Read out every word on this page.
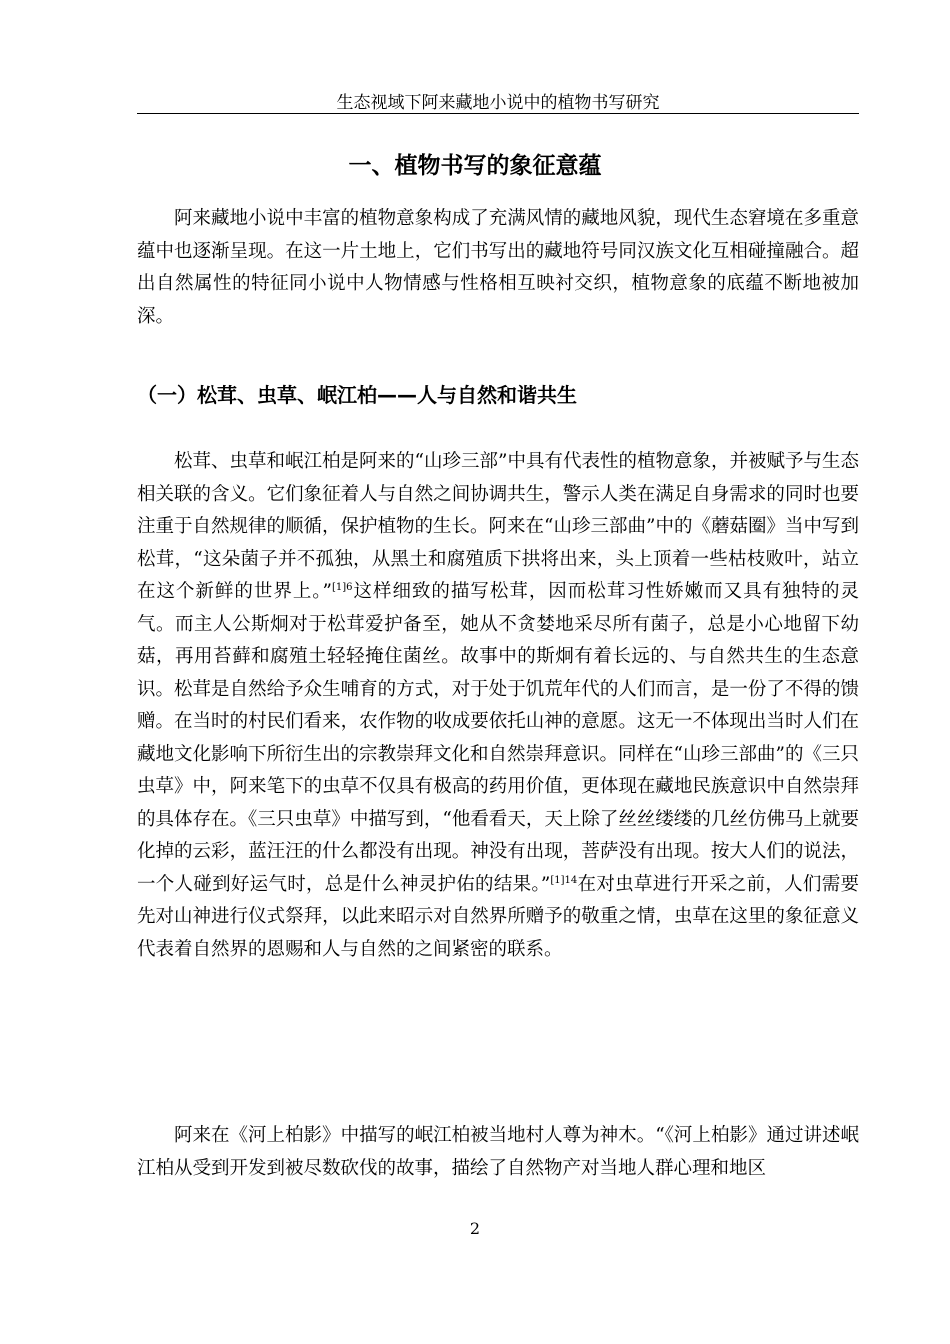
生态视域下阿来藏地小说中的植物书写研究
一、植物书写的象征意蕴

阿来藏地小说中丰富的植物意象构成了充满风情的藏地风貌，现代生态窘境在多重意蕴中也逐渐呈现。在这一片土地上，它们书写出的藏地符号同汉族文化互相碰撞融合。超出自然属性的特征同小说中人物情感与性格相互映衬交织，植物意象的底蕴不断地被加深。

（一）松茸、虫草、岷江柏——人与自然和谐共生

松茸、虫草和岷江柏是阿来的“山珍三部”中具有代表性的植物意象，并被赋予与生态相关联的含义。它们象征着人与自然之间协调共生，警示人类在满足自身需求的同时也要注重于自然规律的顺循，保护植物的生长。阿来在“山珍三部曲”中的《蘑菇圈》当中写到松茸，“这朵菌子并不孤独，从黑土和腐殖质下拱将出来，头上顶着一些枯枝败叶，站立在这个新鲜的世界上。”$^{[1]6}$这样细致的描写松茸，因而松茸习性娇嫩而又具有独特的灵气。而主人公斯炯对于松茸爱护备至，她从不贪婪地采尽所有菌子，总是小心地留下幼菇，再用苔藓和腐殖土轻轻掩住菌丝。故事中的斯炯有着长远的、与自然共生的生态意识。松茸是自然给予众生哺育的方式，对于处于饥荒年代的人们而言，是一份了不得的馈赠。在当时的村民们看来，农作物的收成要依托山神的意愿。这无一不体现出当时人们在藏地文化影响下所衍生出的宗教崇拜文化和自然崇拜意识。同样在“山珍三部曲”的《三只虫草》中，阿来笔下的虫草不仅具有极高的药用价值，更体现在藏地民族意识中自然崇拜的具体存在。《三只虫草》中描写到，“他看看天，天上除了丝丝缕缕的几丝仿佛马上就要化掉的云彩，蓝汪汪的什么都没有出现。神没有出现，菩萨没有出现。按大人们的说法，一个人碰到好运气时，总是什么神灵护佑的结果。”$^{[1]14}$在对虫草进行开采之前，人们需要先对山神进行仪式祭拜，以此来昭示对自然界所赠予的敬重之情，虫草在这里的象征意义代表着自然界的恩赐和人与自然的之间紧密的联系。

阿来在《河上柏影》中描写的岷江柏被当地村人尊为神木。“《河上柏影》通过讲述岷江柏从受到开发到被尽数砍伐的故事，描绘了自然物产对当地人群心理和地区

2
